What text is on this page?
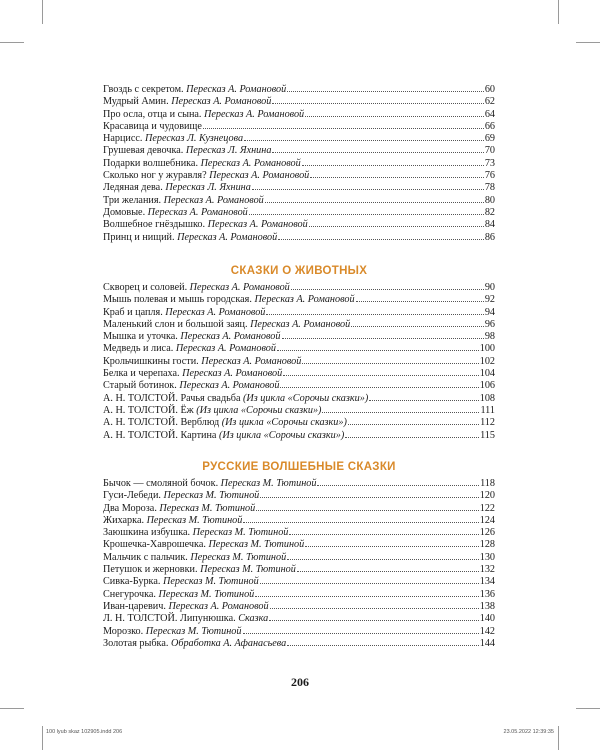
Гвоздь с секретом. Пересказ А. Романовой	60
Мудрый Амин. Пересказ А. Романовой	62
Про осла, отца и сына. Пересказ А. Романовой	64
Красавица и чудовище	66
Нарцисс. Пересказ Л. Кузнецова	69
Грушевая девочка. Пересказ Л. Яхнина	70
Подарки волшебника. Пересказ А. Романовой	73
Сколько ног у журавля? Пересказ А. Романовой	76
Ледяная дева. Пересказ Л. Яхнина	78
Три желания. Пересказ А. Романовой	80
Домовые. Пересказ А. Романовой	82
Волшебное гнёздышко. Пересказ А. Романовой	84
Принц и нищий. Пересказ А. Романовой	86
СКАЗКИ О ЖИВОТНЫХ
Скворец и соловей. Пересказ А. Романовой	90
Мышь полевая и мышь городская. Пересказ А. Романовой	92
Краб и цапля. Пересказ А. Романовой	94
Маленький слон и большой заяц. Пересказ А. Романовой	96
Мышка и уточка. Пересказ А. Романовой	98
Медведь и лиса. Пересказ А. Романовой	100
Крольчишкины гости. Пересказ А. Романовой	102
Белка и черепаха. Пересказ А. Романовой	104
Старый ботинок. Пересказ А. Романовой	106
А. Н. ТОЛСТОЙ. Рачья свадьба (Из цикла «Сорочьи сказки»)	108
А. Н. ТОЛСТОЙ. Ёж (Из цикла «Сорочьи сказки»)	111
А. Н. ТОЛСТОЙ. Верблюд (Из цикла «Сорочьи сказки»)	112
А. Н. ТОЛСТОЙ. Картина (Из цикла «Сорочьи сказки»)	115
РУССКИЕ ВОЛШЕБНЫЕ СКАЗКИ
Бычок — смоляной бочок. Пересказ М. Тютиной	118
Гуси-Лебеди. Пересказ М. Тютиной	120
Два Мороза. Пересказ М. Тютиной	122
Жихарка. Пересказ М. Тютиной	124
Заюшкина избушка. Пересказ М. Тютиной	126
Крошечка-Хаврошечка. Пересказ М. Тютиной	128
Мальчик с пальчик. Пересказ М. Тютиной	130
Петушок и жерновки. Пересказ М. Тютиной	132
Сивка-Бурка. Пересказ М. Тютиной	134
Снегурочка. Пересказ М. Тютиной	136
Иван-царевич. Пересказ А. Романовой	138
Л. Н. ТОЛСТОЙ. Липунюшка. Сказка	140
Морозко. Пересказ М. Тютиной	142
Золотая рыбка. Обработка А. Афанасьева	144
206
100 lyub skaz 102905.indd 206	23.05.2022 12:39:35
